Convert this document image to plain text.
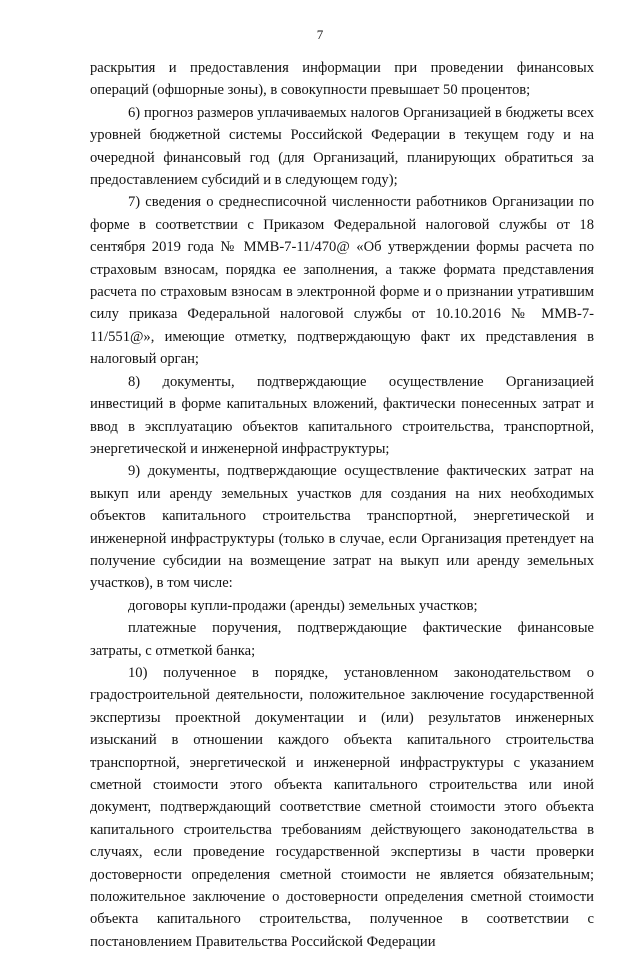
7

раскрытия и предоставления информации при проведении финансовых операций (офшорные зоны), в совокупности превышает 50 процентов;

6) прогноз размеров уплачиваемых налогов Организацией в бюджеты всех уровней бюджетной системы Российской Федерации в текущем году и на очередной финансовый год (для Организаций, планирующих обратиться за предоставлением субсидий и в следующем году);

7) сведения о среднесписочной численности работников Организации по форме в соответствии с Приказом Федеральной налоговой службы от 18 сентября 2019 года № ММВ-7-11/470@ «Об утверждении формы расчета по страховым взносам, порядка ее заполнения, а также формата представления расчета по страховым взносам в электронной форме и о признании утратившим силу приказа Федеральной налоговой службы от 10.10.2016 № ММВ-7-11/551@», имеющие отметку, подтверждающую факт их представления в налоговый орган;

8) документы, подтверждающие осуществление Организацией инвестиций в форме капитальных вложений, фактически понесенных затрат и ввод в эксплуатацию объектов капитального строительства, транспортной, энергетической и инженерной инфраструктуры;

9) документы, подтверждающие осуществление фактических затрат на выкуп или аренду земельных участков для создания на них необходимых объектов капитального строительства транспортной, энергетической и инженерной инфраструктуры (только в случае, если Организация претендует на получение субсидии на возмещение затрат на выкуп или аренду земельных участков), в том числе:

договоры купли-продажи (аренды) земельных участков;

платежные поручения, подтверждающие фактические финансовые затраты, с отметкой банка;

10) полученное в порядке, установленном законодательством о градостроительной деятельности, положительное заключение государственной экспертизы проектной документации и (или) результатов инженерных изысканий в отношении каждого объекта капитального строительства транспортной, энергетической и инженерной инфраструктуры с указанием сметной стоимости этого объекта капитального строительства или иной документ, подтверждающий соответствие сметной стоимости этого объекта капитального строительства требованиям действующего законодательства в случаях, если проведение государственной экспертизы в части проверки достоверности определения сметной стоимости не является обязательным; положительное заключение о достоверности определения сметной стоимости объекта капитального строительства, полученное в соответствии с постановлением Правительства Российской Федерации
